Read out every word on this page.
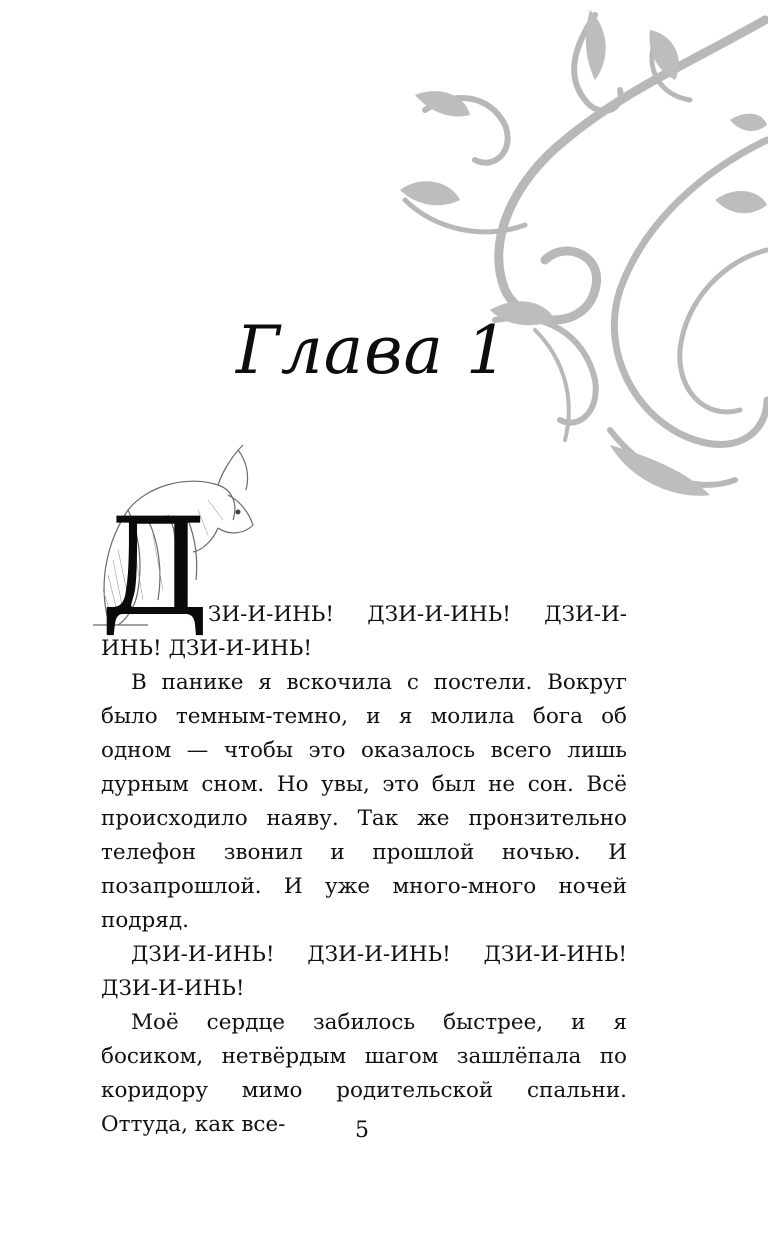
Глава 1
Д
ЗИ-И-ИНЬ! ДЗИ-И-ИНЬ! ДЗИ-И-

ИНЬ! ДЗИ-И-ИНЬ!

В панике я вскочила с постели. Вокруг было темным-темно, и я молила бога об одном — чтобы это оказалось всего лишь дурным сном. Но увы, это был не сон. Всё происходило наяву. Так же пронзительно телефон звонил и прошлой ночью. И позапрошлой. И уже много-много ночей подряд.

ДЗИ-И-ИНЬ! ДЗИ-И-ИНЬ! ДЗИ-И-ИНЬ! ДЗИ-И-ИНЬ!

Моё сердце забилось быстрее, и я босиком, нетвёрдым шагом зашлёпала по коридору мимо родительской спальни. Оттуда, как все-	5
